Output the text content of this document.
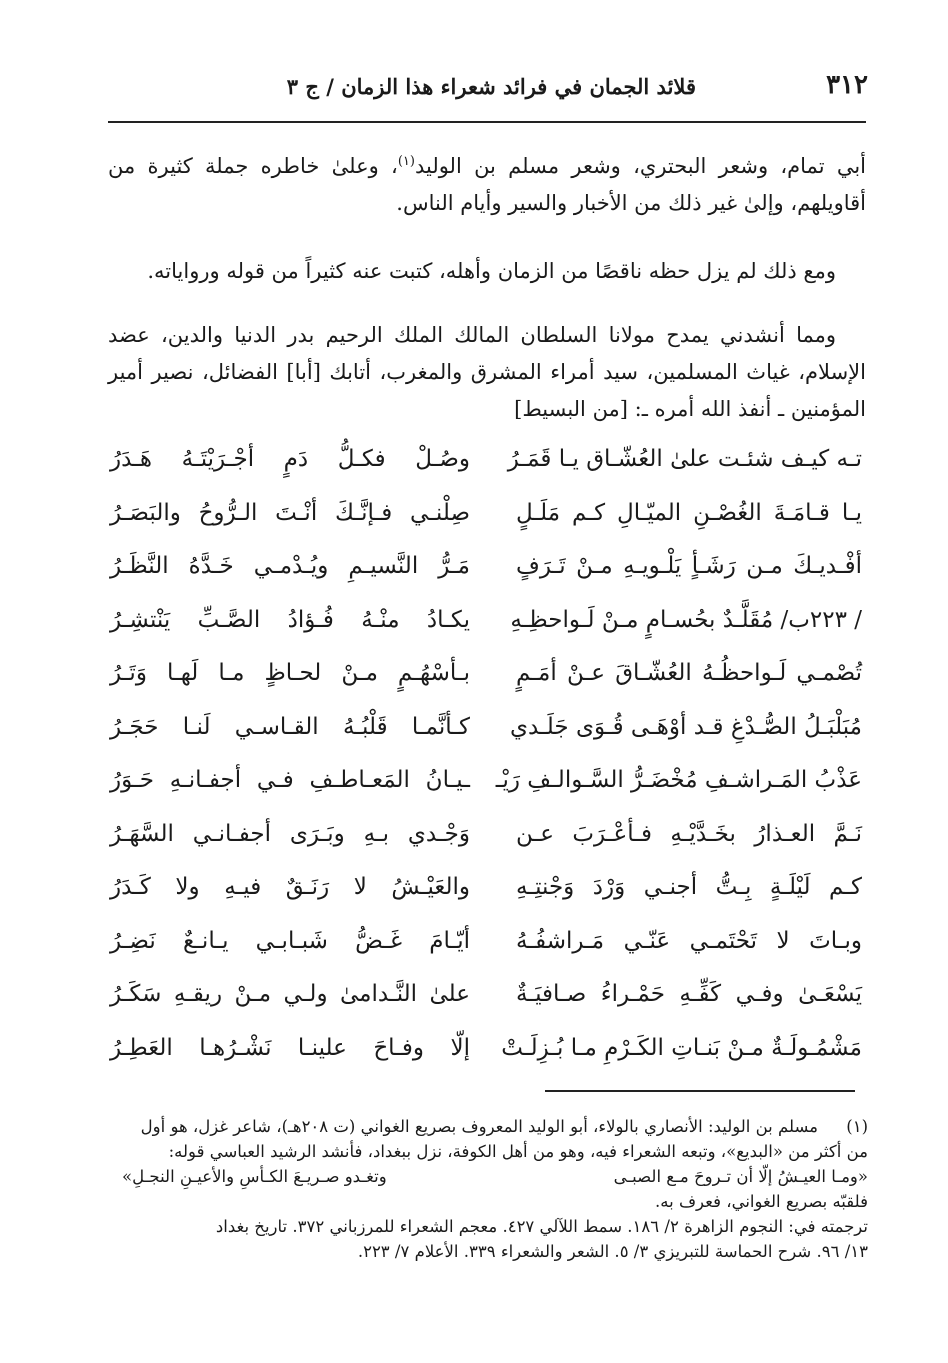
٣١٢
قلائد الجمان في فرائد شعراء هذا الزمان / ج ٣

أبي تمام، وشعر البحتري، وشعر مسلم بن الوليد$^{(١)}$، وعلىٰ خاطره جملة كثيرة من أقاويلهم، وإلىٰ غير ذلك من الأخبار والسير وأيام الناس.

ومع ذلك لم يزل حظه ناقصًا من الزمان وأهله، كتبت عنه كثيراً من قوله ورواياته.

ومما أنشدني يمدح مولانا السلطان المالك الملك الرحيم بدر الدنيا والدين، عضد الإسلام، غياث المسلمين، سيد أمراء المشرق والمغرب، أتابك [أبا] الفضائل، نصير أمير المؤمنين ـ أنفذ الله أمره ـ: [من البسيط]

تـه كيـف شئـت علىٰ العُشّـاق يـا قَمَـرُ
وصُـلْ فكـلُّ دَمٍ أجْـرَيْتَـهُ هَـدَرُ
يـا قـامَـةَ الغُصْـنِ الميّـالِ كـم مَلَـلٍ
صِلْنـي فـإنَّـكَ أنْـتَ الـرُّوحُ والبَصَـرُ
أفْـديـكَ مـن رَشَـأٍ يَلْـويـهِ مـنْ تَـرَفٍ
مَـرُّ النَّسيـمِ ويُـدْمـي خَـدَّهُ النَّظَـرُ
/ ٢٢٣ب/ مُقَلَّـدٌ بحُسـامٍ مـنْ لَـواحظِـهِ
يكـادُ منْـهُ فُـؤادُ الصَّـبِّ يَنْتشِـرُ
تُصْمـي لَـواحظُـهُ العُشّـاقَ عـنْ أمَـمٍ
بـأسْهُـمٍ مـنْ لحـاظٍ مـا لَهـا وَتَـرُ
مُبَلْبَـلُ الصُّـدْغِ قـد أوْهَـى قُـوَى جَلَـدي
كـأنَّمـا قَلْبُـهُ القـاسـي لَنـا حَجَـرُ
عَذْبُ المَـراشـفِ مُخْضَـرُّ السَّـوالـفِ رَيْـ
ـيـانُ المَعـاطـفِ فـي أجفـانـهِ حَـوَرُ
نَـمَّ العـذارُ بخَـدَّيْـهِ فـأعْـرَبَ عـن
وَجْـدي بـهِ وبَـرَى أجفـانـي السَّهَـرُ
كـم لَيْلَـةٍ بِـتُّ أجنـي وَرْدَ وَجْنتِـهِ
والعَيْـشُ لا رَنَـقٌ فيـهِ ولا كَـدَرُ
وبـاتَ لا تَحْتَمـي عَنّـي مَـراشفُـهُ
أيّـامَ غَـضُّ شَبـابـي يـانـعٌ نَضِـرُ
يَسْعَـىٰ وفـي كَفِّـهِ حَمْـراءُ صـافيَـةٌ
علىٰ النَّـدامىٰ ولـي مـنْ ريقـهِ سَكَـرُ
مَشْمُـولَـةٌ مـنْ بَنـاتِ الكَـرْمِ مـا بُـزِلَـتْ
إلّا وفـاحَ علينـا نَشْـرُهـا العَطِـرُ
(١)مسلم بن الوليد: الأنصاري بالولاء، أبو الوليد المعروف بصريع الغواني (ت ٢٠٨هـ)، شاعر غزل، هو أول
من أكثر من «البديع»، وتبعه الشعراء فيه، وهو من أهل الكوفة، نزل ببغداد، فأنشد الرشيد العباسي قوله:
«ومـا العيـشُ إلّا أن تـروحَ مـع الصبـى
وتغـدو صـريـعَ الكـأسِ والأعيـنِ النجـلِ»
فلقبّه بصريع الغواني، فعرف به.
ترجمته في: النجوم الزاهرة ٢/ ١٨٦. سمط اللآلي ٤٢٧. معجم الشعراء للمرزباني ٣٧٢. تاريخ بغداد
١٣/ ٩٦. شرح الحماسة للتبريزي ٣/ ٥. الشعر والشعراء ٣٣٩. الأعلام ٧/ ٢٢٣.
